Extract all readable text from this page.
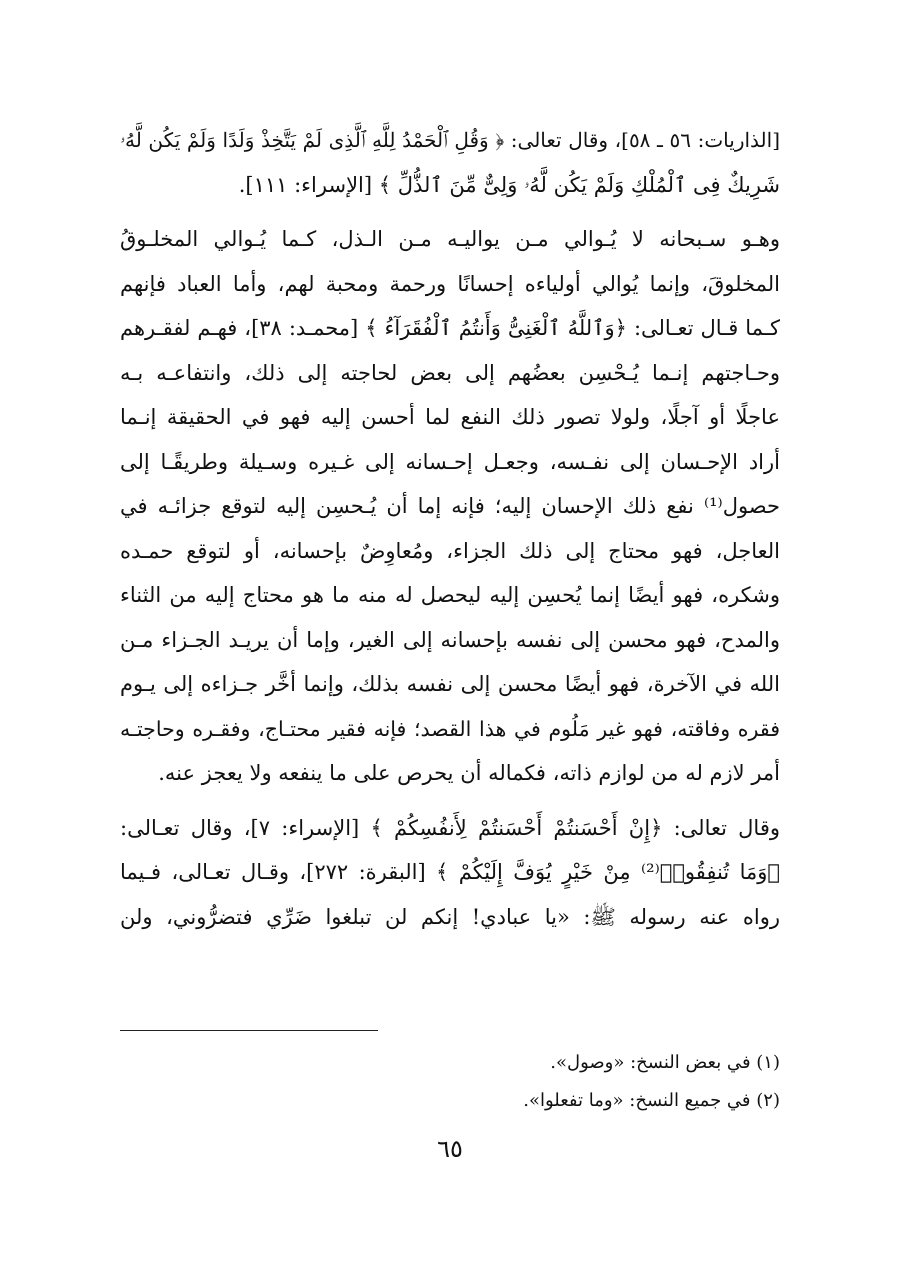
[الذاريات: ٥٦ ـ ٥٨]، وقال تعالى: ﴿ وَقُلِ ٱلْحَمْدُ لِلَّهِ ٱلَّذِى لَمْ يَتَّخِذْ وَلَدًا وَلَمْ يَكُن لَّهُۥ
شَرِيكٌ فِى ٱلْمُلْكِ وَلَمْ يَكُن لَّهُۥ وَلِىٌّ مِّنَ ٱلذُّلِّ ﴾ [الإسراء: ١١١].

وهـو سـبحانه لا يُـوالي مـن يواليـه مـن الـذل، كـما يُـوالي المخلـوقُ
المخلوقَ، وإنما يُوالي أولياءه إحسانًا ورحمة ومحبة لهم، وأما العباد فإنهم
كـما قـال تعـالى: ﴿وَٱللَّهُ ٱلْغَنِىُّ وَأَنتُمُ ٱلْفُقَرَآءُ ﴾ [محمـد: ٣٨]، فهـم لفقـرهم
وحـاجتهم إنـما يُـحْسِن بعضُهم إلى بعض لحاجته إلى ذلك، وانتفاعـه بـه
عاجلًا أو آجلًا، ولولا تصور ذلك النفع لما أحسن إليه فهو في الحقيقة إنـما
أراد الإحـسان إلى نفـسه، وجعـل إحـسانه إلى غـيره وسـيلة وطريقًـا إلى
حصول⁽¹⁾ نفع ذلك الإحسان إليه؛ فإنه إما أن يُـحسِن إليه لتوقع جزائـه في
العاجل، فهو محتاج إلى ذلك الجزاء، ومُعاوِضٌ بإحسانه، أو لتوقع حمـده
وشكره، فهو أيضًا إنما يُحسِن إليه ليحصل له منه ما هو محتاج إليه من الثناء
والمدح، فهو محسن إلى نفسه بإحسانه إلى الغير، وإما أن يريـد الجـزاء مـن
الله في الآخرة، فهو أيضًا محسن إلى نفسه بذلك، وإنما أخَّر جـزاءه إلى يـوم
فقره وفاقته، فهو غير مَلُوم في هذا القصد؛ فإنه فقير محتـاج، وفقـره وحاجتـه
أمر لازم له من لوازم ذاته، فكماله أن يحرص على ما ينفعه ولا يعجز عنه.

وقال تعالى: ﴿إِنْ أَحْسَنتُمْ أَحْسَنتُمْ لِأَنفُسِكُمْ ﴾ [الإسراء: ٧]، وقال تعـالى:
﴿وَمَا تُنفِقُوا۟⁽²⁾ مِنْ خَيْرٍ يُوَفَّ إِلَيْكُمْ ﴾ [البقرة: ٢٧٢]، وقـال تعـالى، فـيما
رواه عنه رسوله ﷺ: «يا عبادي! إنكم لن تبلغوا ضَرِّي فتضرُّوني، ولن

(١) في بعض النسخ: «وصول».
(٢) في جميع النسخ: «وما تفعلوا».
٦٥
